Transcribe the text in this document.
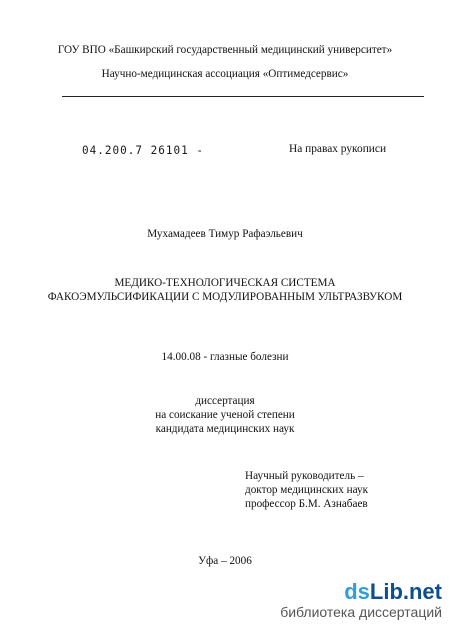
ГОУ ВПО «Башкирский государственный медицинский университет»
Научно-медицинская ассоциация «Оптимедсервис»
04.200.7 26101 -	На правах рукописи
Мухамадеев Тимур Рафаэльевич
МЕДИКО-ТЕХНОЛОГИЧЕСКАЯ СИСТЕМА
ФАКОЭМУЛЬСИФИКАЦИИ С МОДУЛИРОВАННЫМ УЛЬТРАЗВУКОМ
14.00.08 - глазные болезни
диссертация
на соискание ученой степени
кандидата медицинских наук
Научный руководитель –
доктор медицинских наук
профессор Б.М. Азнабаев
Уфа – 2006
dsLib.net
библиотека диссертаций
